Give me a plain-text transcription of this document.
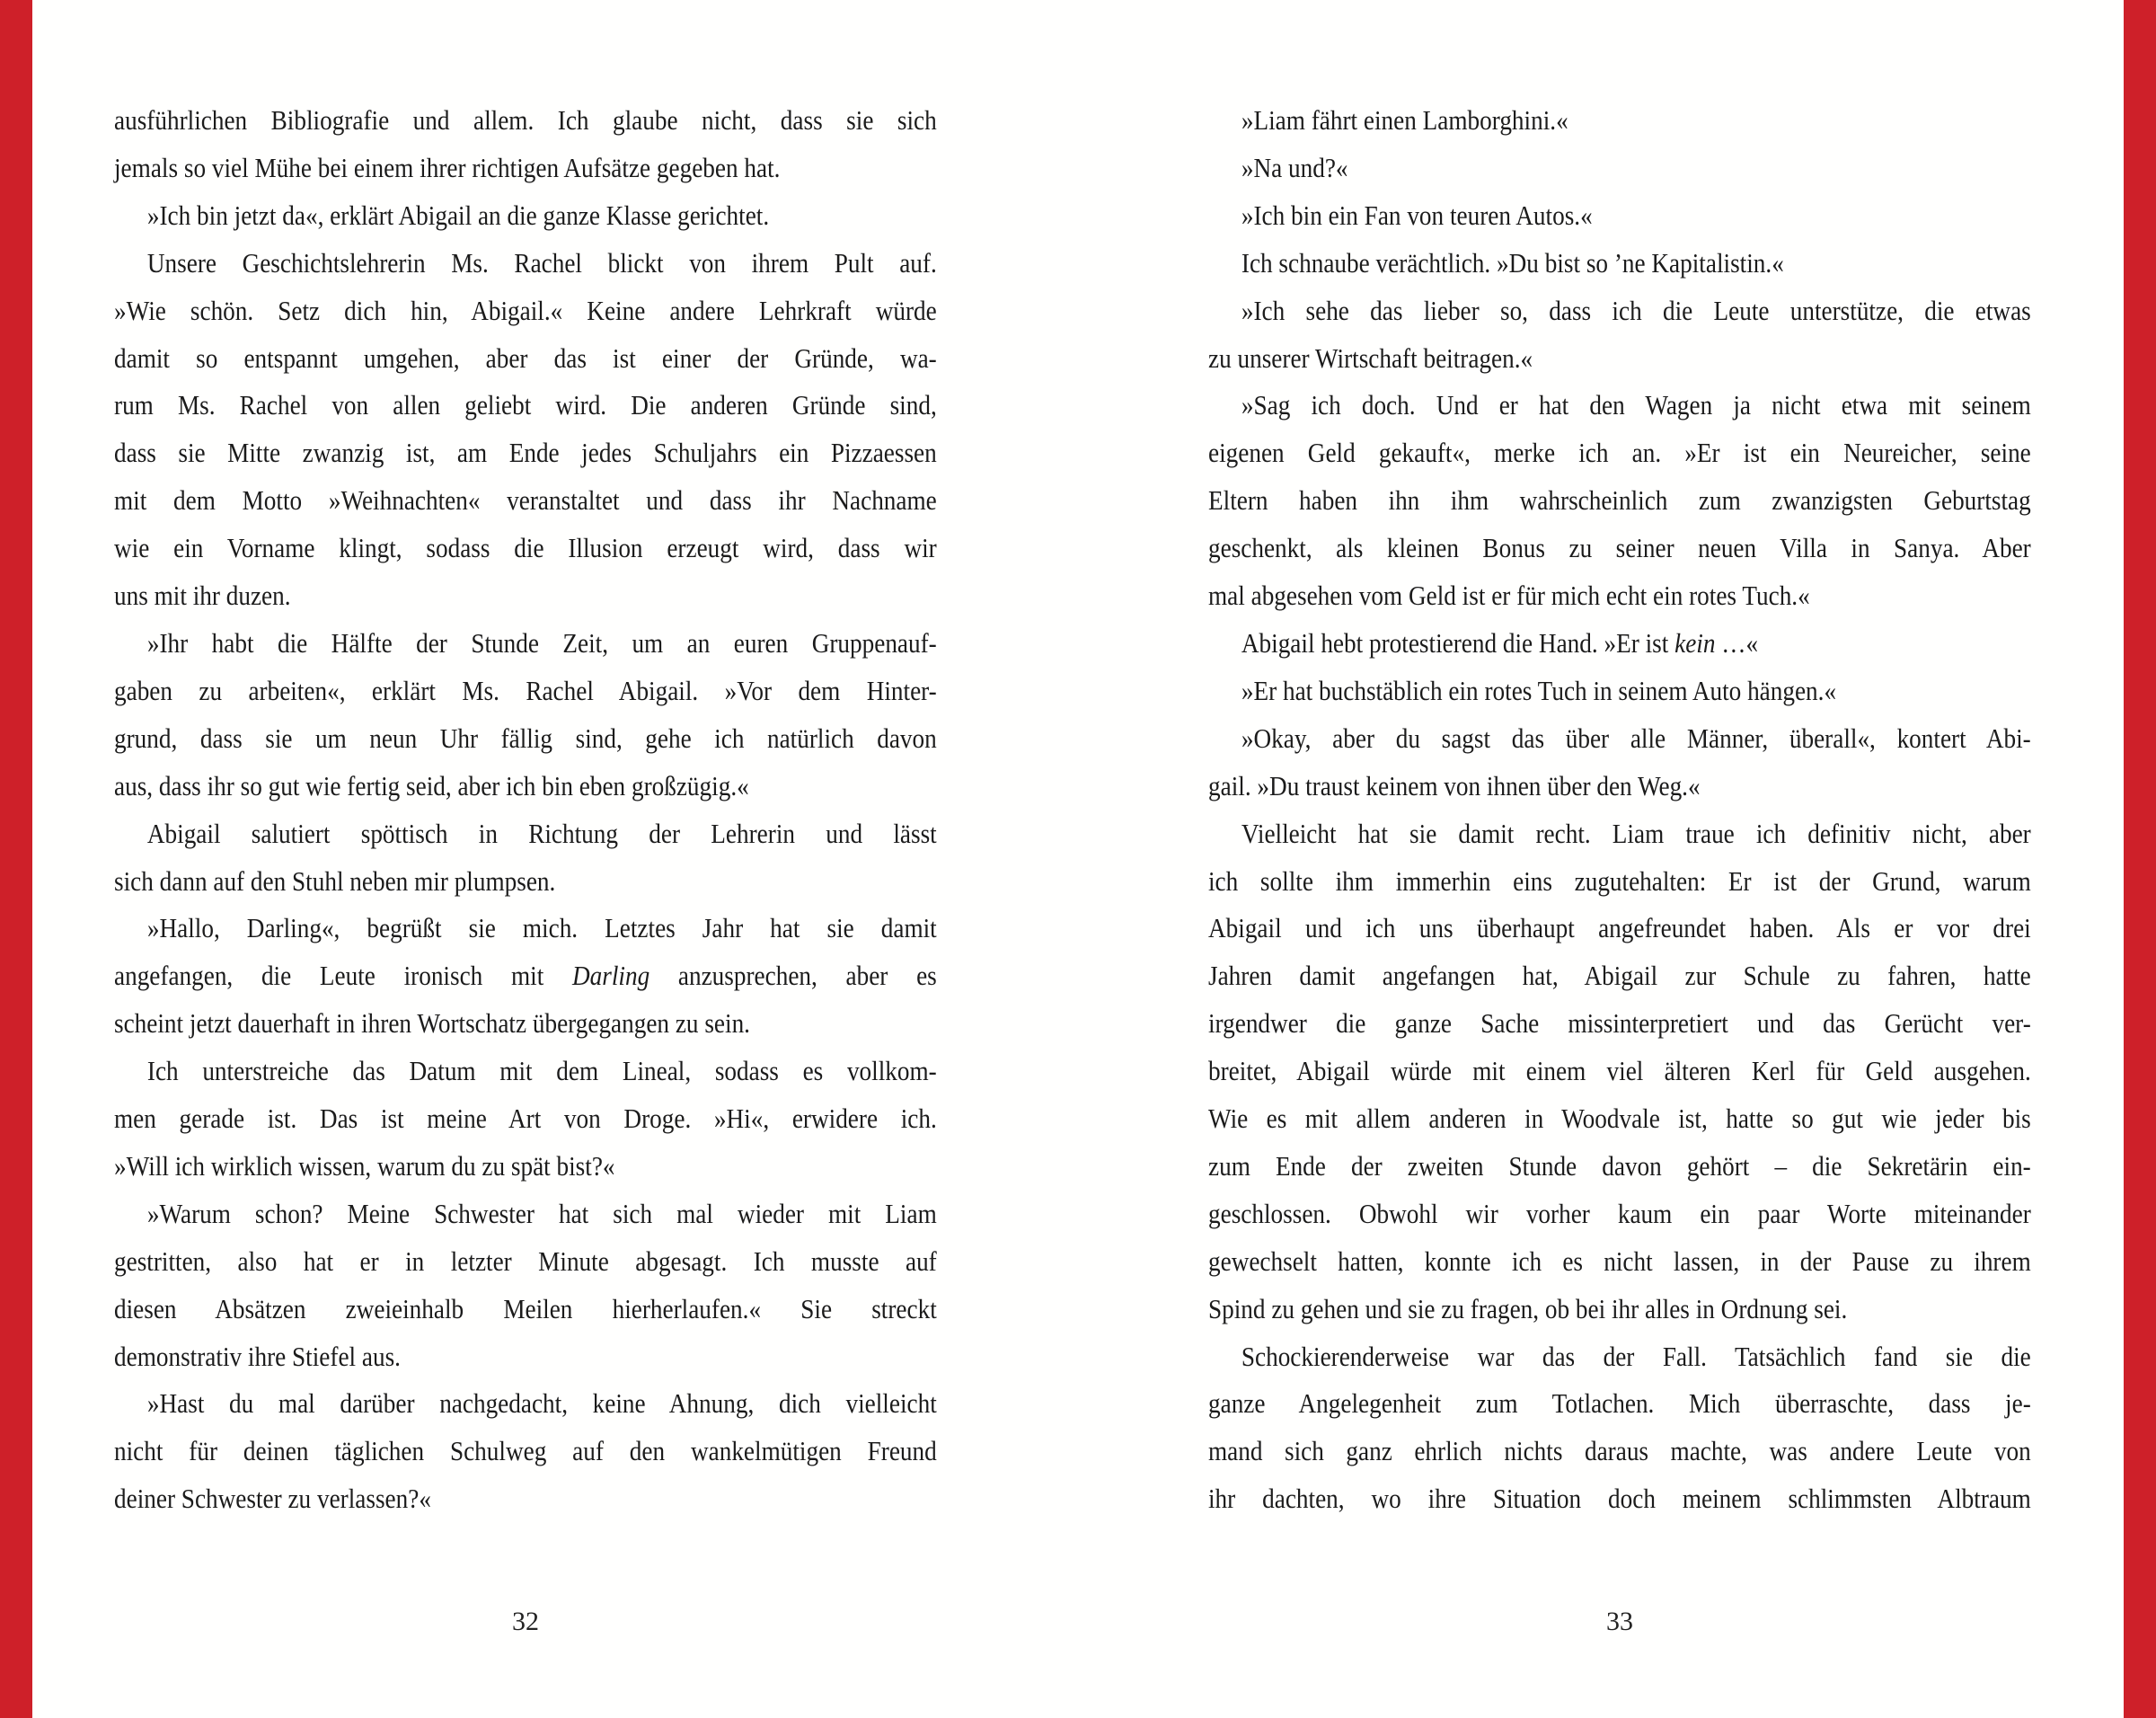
ausführlichen Bibliografie und allem. Ich glaube nicht, dass sie sich
jemals so viel Mühe bei einem ihrer richtigen Aufsätze gegeben hat.
»Ich bin jetzt da«, erklärt Abigail an die ganze Klasse gerichtet.
Unsere Geschichtslehrerin Ms. Rachel blickt von ihrem Pult auf.
»Wie schön. Setz dich hin, Abigail.« Keine andere Lehrkraft würde
damit so entspannt umgehen, aber das ist einer der Gründe, wa-
rum Ms. Rachel von allen geliebt wird. Die anderen Gründe sind,
dass sie Mitte zwanzig ist, am Ende jedes Schuljahrs ein Pizzaessen
mit dem Motto »Weihnachten« veranstaltet und dass ihr Nachname
wie ein Vorname klingt, sodass die Illusion erzeugt wird, dass wir
uns mit ihr duzen.
»Ihr habt die Hälfte der Stunde Zeit, um an euren Gruppenauf-
gaben zu arbeiten«, erklärt Ms. Rachel Abigail. »Vor dem Hinter-
grund, dass sie um neun Uhr fällig sind, gehe ich natürlich davon
aus, dass ihr so gut wie fertig seid, aber ich bin eben großzügig.«
Abigail salutiert spöttisch in Richtung der Lehrerin und lässt
sich dann auf den Stuhl neben mir plumpsen.
»Hallo, Darling«, begrüßt sie mich. Letztes Jahr hat sie damit
angefangen, die Leute ironisch mit Darling anzusprechen, aber es
scheint jetzt dauerhaft in ihren Wortschatz übergegangen zu sein.
Ich unterstreiche das Datum mit dem Lineal, sodass es vollkom-
men gerade ist. Das ist meine Art von Droge. »Hi«, erwidere ich.
»Will ich wirklich wissen, warum du zu spät bist?«
»Warum schon? Meine Schwester hat sich mal wieder mit Liam
gestritten, also hat er in letzter Minute abgesagt. Ich musste auf
diesen Absätzen zweieinhalb Meilen hierherlaufen.« Sie streckt
demonstrativ ihre Stiefel aus.
»Hast du mal darüber nachgedacht, keine Ahnung, dich vielleicht
nicht für deinen täglichen Schulweg auf den wankelmütigen Freund
deiner Schwester zu verlassen?«
»Liam fährt einen Lamborghini.«
»Na und?«
»Ich bin ein Fan von teuren Autos.«
Ich schnaube verächtlich. »Du bist so ’ne Kapitalistin.«
»Ich sehe das lieber so, dass ich die Leute unterstütze, die etwas
zu unserer Wirtschaft beitragen.«
»Sag ich doch. Und er hat den Wagen ja nicht etwa mit seinem
eigenen Geld gekauft«, merke ich an. »Er ist ein Neureicher, seine
Eltern haben ihn ihm wahrscheinlich zum zwanzigsten Geburtstag
geschenkt, als kleinen Bonus zu seiner neuen Villa in Sanya. Aber
mal abgesehen vom Geld ist er für mich echt ein rotes Tuch.«
Abigail hebt protestierend die Hand. »Er ist kein …«
»Er hat buchstäblich ein rotes Tuch in seinem Auto hängen.«
»Okay, aber du sagst das über alle Männer, überall«, kontert Abi-
gail. »Du traust keinem von ihnen über den Weg.«
Vielleicht hat sie damit recht. Liam traue ich definitiv nicht, aber
ich sollte ihm immerhin eins zugutehalten: Er ist der Grund, warum
Abigail und ich uns überhaupt angefreundet haben. Als er vor drei
Jahren damit angefangen hat, Abigail zur Schule zu fahren, hatte
irgendwer die ganze Sache missinterpretiert und das Gerücht ver-
breitet, Abigail würde mit einem viel älteren Kerl für Geld ausgehen.
Wie es mit allem anderen in Woodvale ist, hatte so gut wie jeder bis
zum Ende der zweiten Stunde davon gehört – die Sekretärin ein-
geschlossen. Obwohl wir vorher kaum ein paar Worte miteinander
gewechselt hatten, konnte ich es nicht lassen, in der Pause zu ihrem
Spind zu gehen und sie zu fragen, ob bei ihr alles in Ordnung sei.
Schockierenderweise war das der Fall. Tatsächlich fand sie die
ganze Angelegenheit zum Totlachen. Mich überraschte, dass je-
mand sich ganz ehrlich nichts daraus machte, was andere Leute von
ihr dachten, wo ihre Situation doch meinem schlimmsten Albtraum
32	33
